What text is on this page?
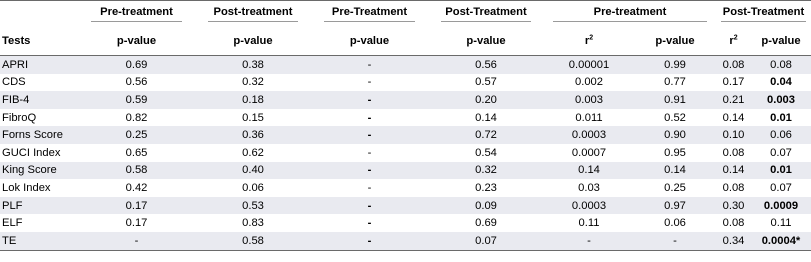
	Pre-treatment	Post-treatment	Pre-Treatment	Post-Treatment	Pre-treatment		Post-Treatment	

Tests	p-value	p-value	p-value	p-value	$r^2$	p-value	$r^2$	p-value
APRI	0.69	0.38	-	0.56	0.00001	0.99	0.08	0.08
CDS	0.56	0.32	-	0.57	0.002	0.77	0.17	0.04
FIB-4	0.59	0.18	-	0.20	0.003	0.91	0.21	0.003
FibroQ	0.82	0.15	-	0.14	0.011	0.52	0.14	0.01
Forns Score	0.25	0.36	-	0.72	0.0003	0.90	0.10	0.06
GUCI Index	0.65	0.62	-	0.54	0.0007	0.95	0.08	0.07
King Score	0.58	0.40	-	0.32	0.14	0.14	0.14	0.01
Lok Index	0.42	0.06	-	0.23	0.03	0.25	0.08	0.07
PLF	0.17	0.53	-	0.09	0.0003	0.97	0.30	0.0009
ELF	0.17	0.83	-	0.69	0.11	0.06	0.08	0.11
TE	-	0.58	-	0.07	-	-	0.34	0.0004*
